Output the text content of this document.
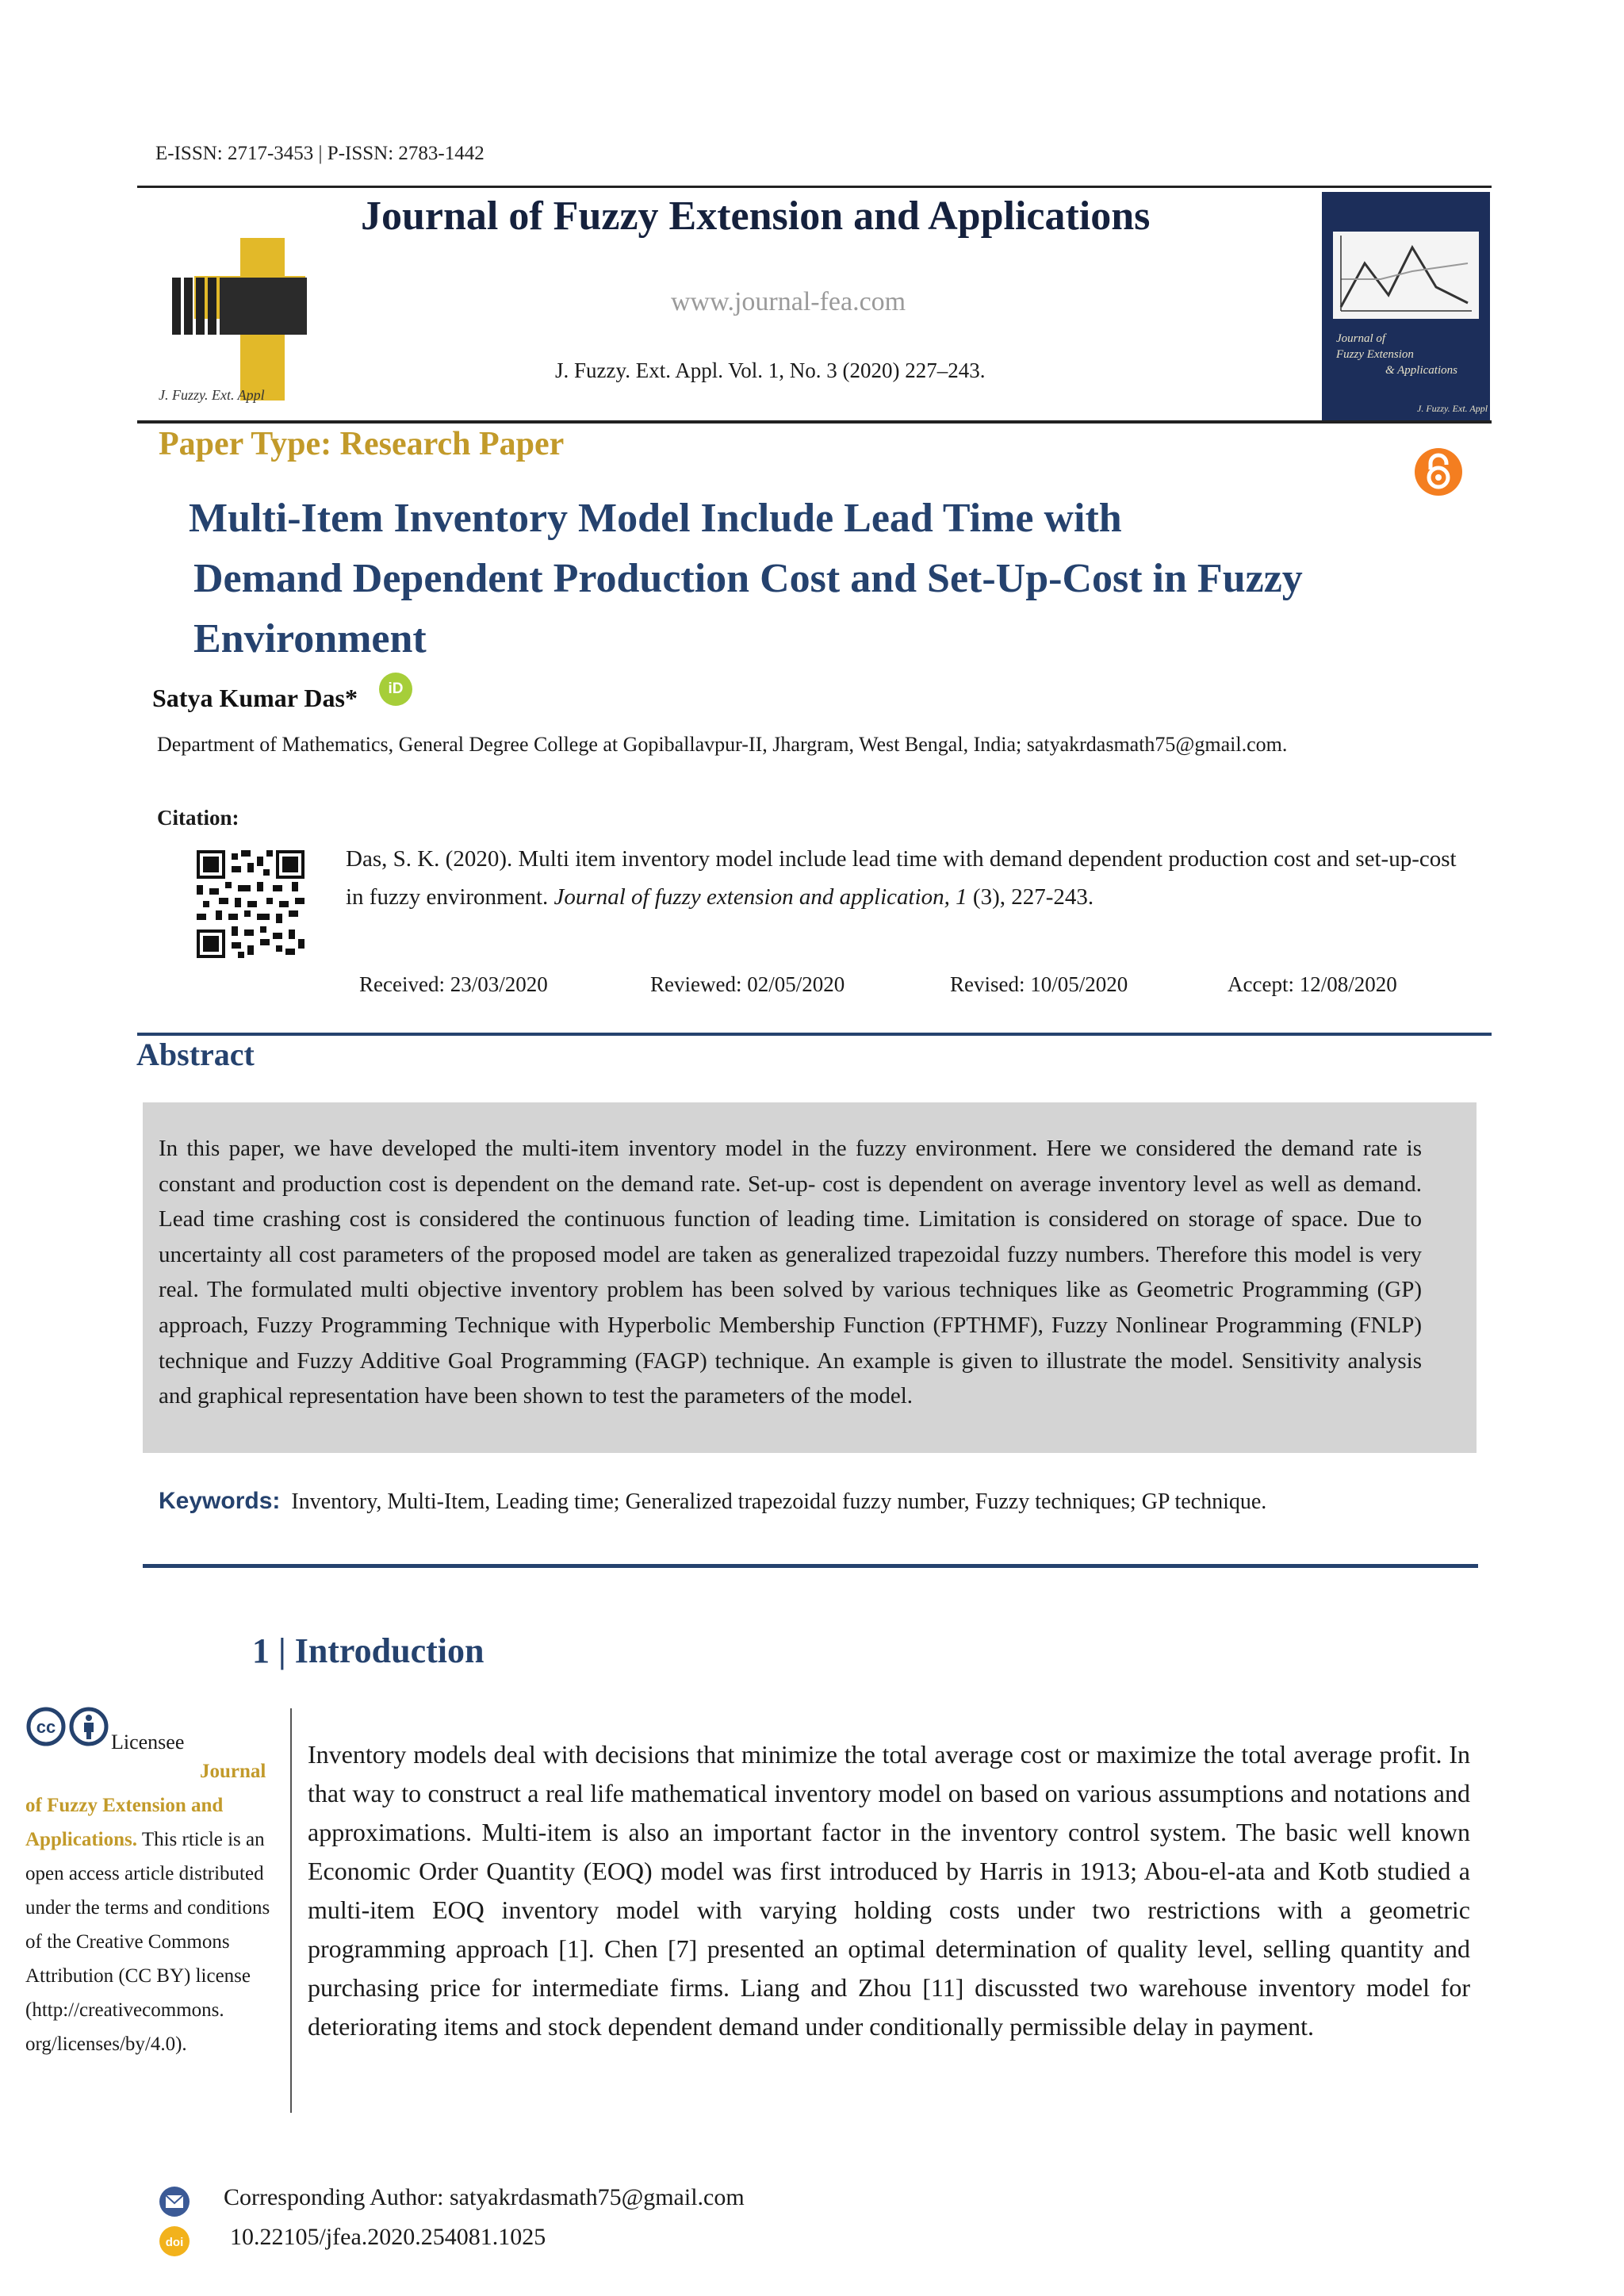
E-ISSN: 2717-3453 | P-ISSN: 2783-1442
J. Fuzzy. Ext. Appl
Journal of Fuzzy Extension and Applications
www.journal-fea.com
J. Fuzzy. Ext. Appl. Vol. 1, No. 3 (2020) 227–243.
Journal of
Fuzzy Extension
& Applications
J. Fuzzy. Ext. Appl
Paper Type: Research Paper
Multi-Item Inventory Model Include Lead Time with
Demand Dependent Production Cost and Set-Up-Cost in Fuzzy
Environment
Satya Kumar Das*	iD
Department of Mathematics, General Degree College at Gopiballavpur-II, Jhargram, West Bengal, India; satyakrdasmath75@gmail.com.
Citation:
Das, S. K. (2020). Multi item inventory model include lead time with demand dependent production cost and set-up-cost in fuzzy environment. Journal of fuzzy extension and application, 1 (3), 227-243.
Received: 23/03/2020	Reviewed: 02/05/2020	Revised: 10/05/2020	Accept: 12/08/2020
Abstract
In this paper, we have developed the multi-item inventory model in the fuzzy environment. Here we considered the demand rate is constant and production cost is dependent on the demand rate. Set-up- cost is dependent on average inventory level as well as demand. Lead time crashing cost is considered the continuous function of leading time. Limitation is considered on storage of space. Due to uncertainty all cost parameters of the proposed model are taken as generalized trapezoidal fuzzy numbers. Therefore this model is very real. The formulated multi objective inventory problem has been solved by various techniques like as Geometric Programming (GP) approach, Fuzzy Programming Technique with Hyperbolic Membership Function (FPTHMF), Fuzzy Nonlinear Programming (FNLP) technique and Fuzzy Additive Goal Programming (FAGP) technique. An example is given to illustrate the model. Sensitivity analysis and graphical representation have been shown to test the parameters of the model.
Keywords: Inventory, Multi-Item, Leading time; Generalized trapezoidal fuzzy number, Fuzzy techniques; GP technique.
1 | Introduction
cc
Licensee
Journal of Fuzzy Extension and Applications. This rticle is an open access article distributed under the terms and conditions of the Creative Commons Attribution (CC BY) license (http://creativecommons. org/licenses/by/4.0).
Inventory models deal with decisions that minimize the total average cost or maximize the total average profit. In that way to construct a real life mathematical inventory model on based on various assumptions and notations and approximations. Multi-item is also an important factor in the inventory control system. The basic well known Economic Order Quantity (EOQ) model was first introduced by Harris in 1913; Abou-el-ata and Kotb studied a multi-item EOQ inventory model with varying holding costs under two restrictions with a geometric programming approach [1]. Chen [7] presented an optimal determination of quality level, selling quantity and purchasing price for intermediate firms. Liang and Zhou [11] discussted two warehouse inventory model for deteriorating items and stock dependent demand under conditionally permissible delay in payment.
Corresponding Author: satyakrdasmath75@gmail.com
doi 10.22105/jfea.2020.254081.1025
